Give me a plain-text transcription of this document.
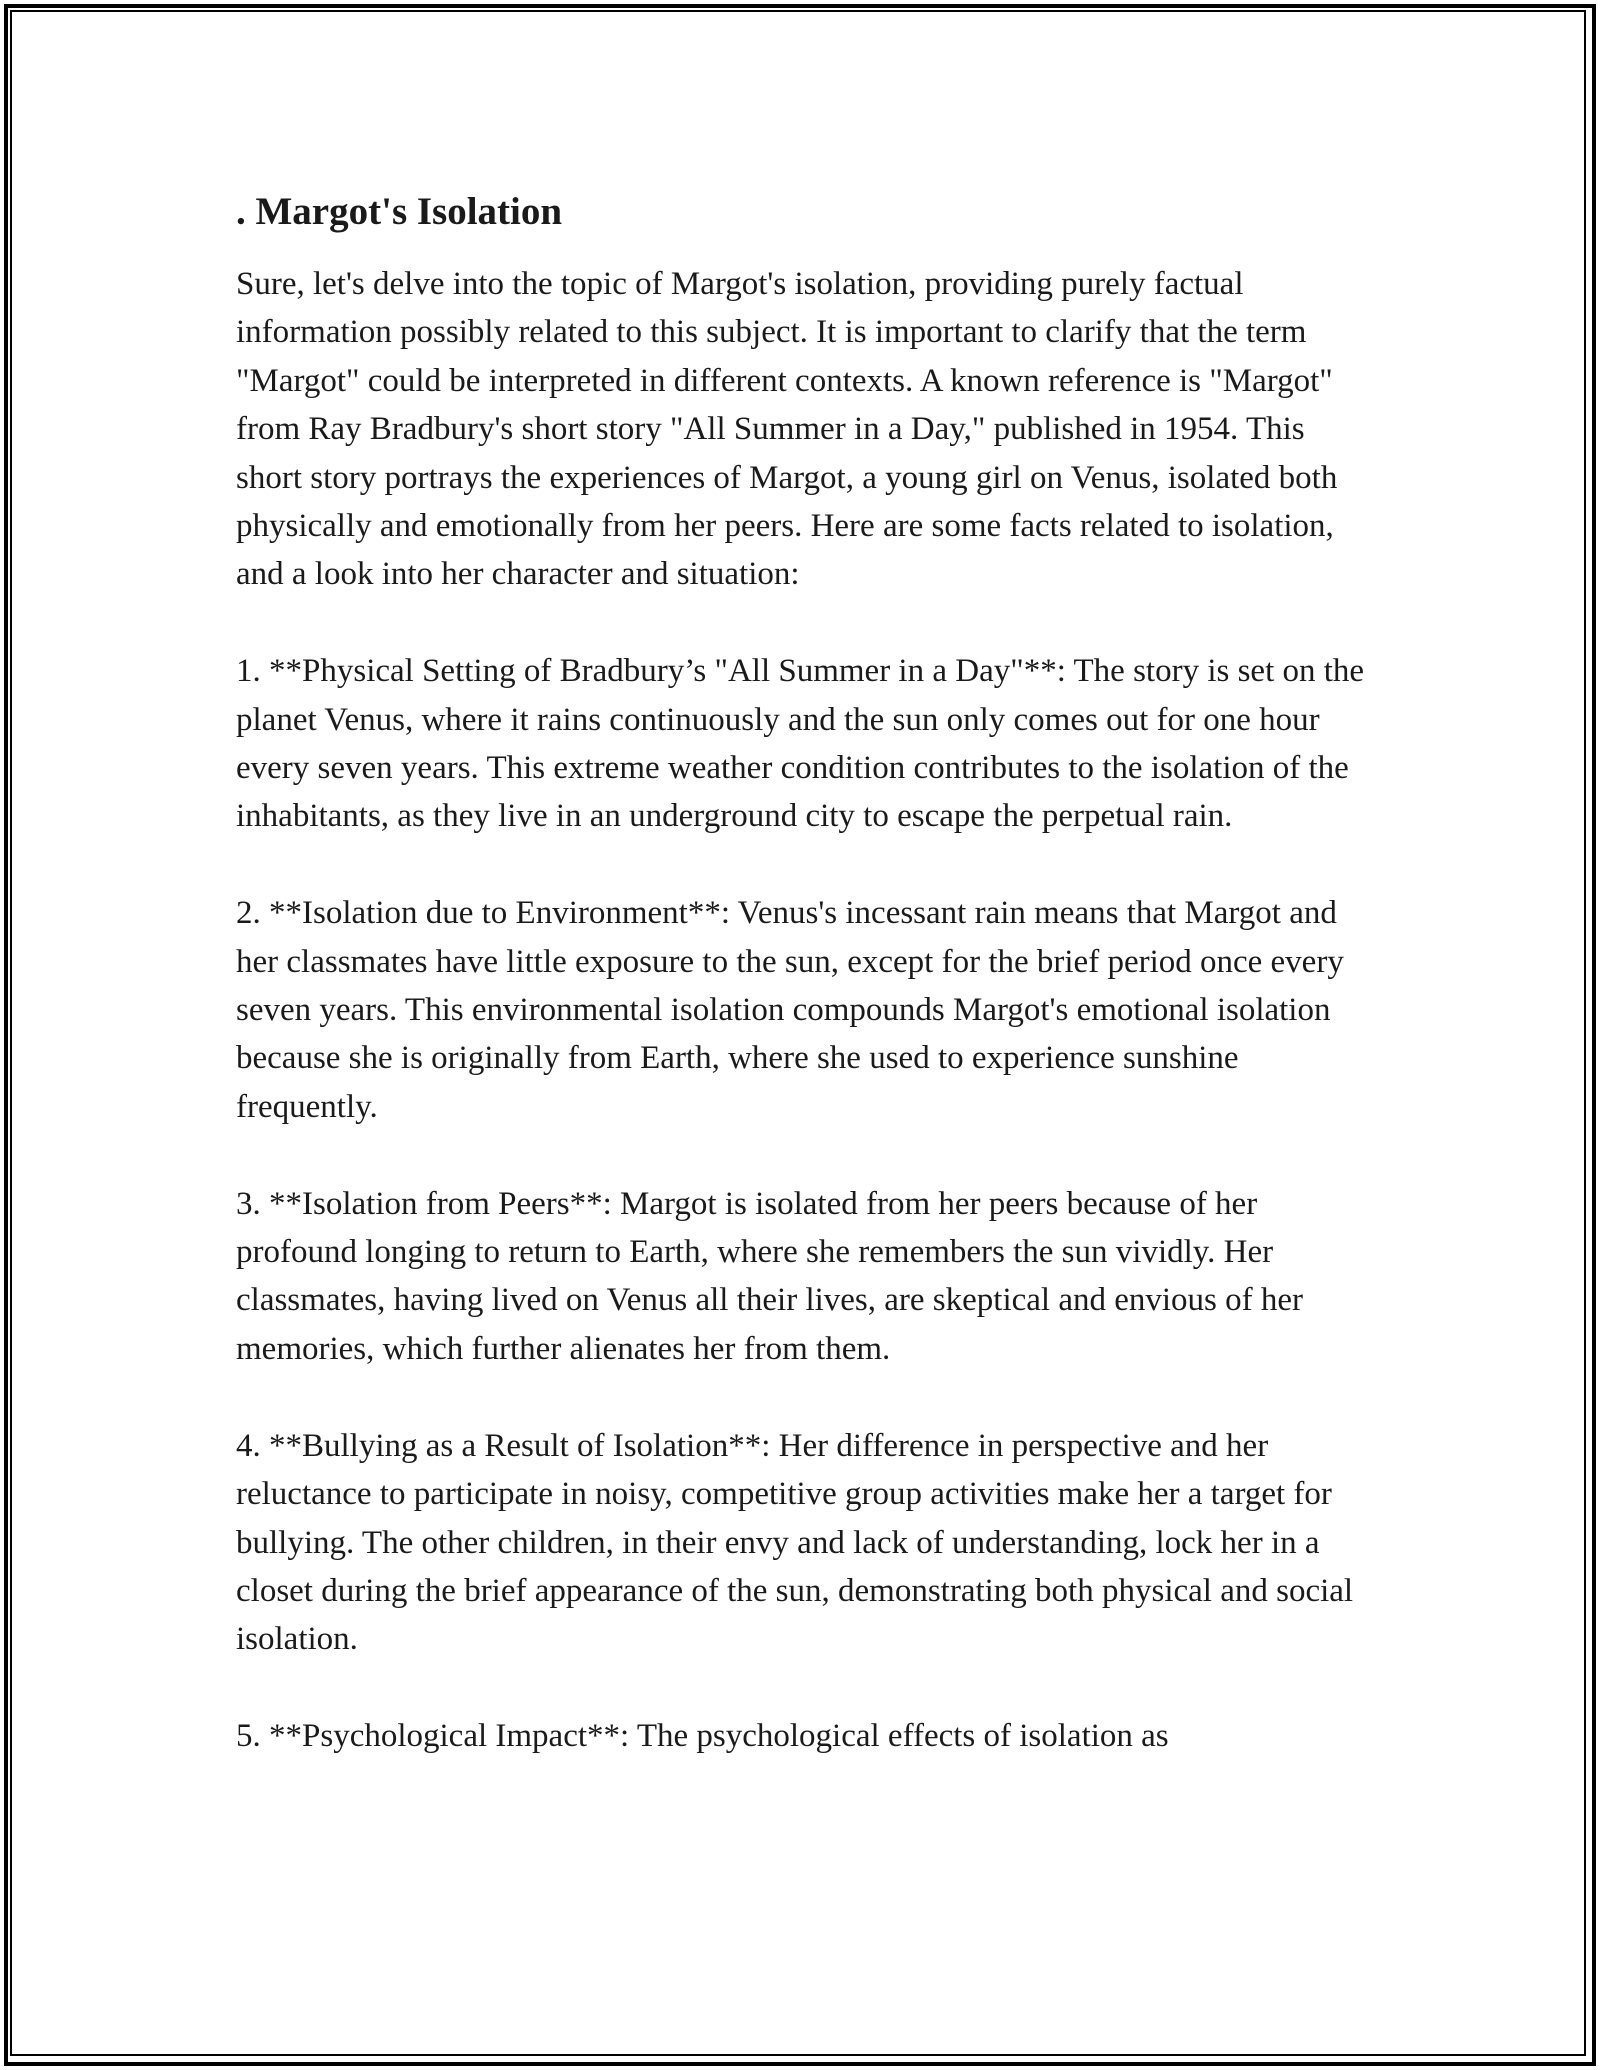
. Margot's Isolation

Sure, let's delve into the topic of Margot's isolation, providing purely factual information possibly related to this subject. It is important to clarify that the term "Margot" could be interpreted in different contexts. A known reference is "Margot" from Ray Bradbury's short story "All Summer in a Day," published in 1954. This short story portrays the experiences of Margot, a young girl on Venus, isolated both physically and emotionally from her peers. Here are some facts related to isolation, and a look into her character and situation:

1. **Physical Setting of Bradbury’s "All Summer in a Day"**: The story is set on the planet Venus, where it rains continuously and the sun only comes out for one hour every seven years. This extreme weather condition contributes to the isolation of the inhabitants, as they live in an underground city to escape the perpetual rain.

2. **Isolation due to Environment**: Venus's incessant rain means that Margot and her classmates have little exposure to the sun, except for the brief period once every seven years. This environmental isolation compounds Margot's emotional isolation because she is originally from Earth, where she used to experience sunshine frequently.

3. **Isolation from Peers**: Margot is isolated from her peers because of her profound longing to return to Earth, where she remembers the sun vividly. Her classmates, having lived on Venus all their lives, are skeptical and envious of her memories, which further alienates her from them.

4. **Bullying as a Result of Isolation**: Her difference in perspective and her reluctance to participate in noisy, competitive group activities make her a target for bullying. The other children, in their envy and lack of understanding, lock her in a closet during the brief appearance of the sun, demonstrating both physical and social isolation.

5. **Psychological Impact**: The psychological effects of isolation as
